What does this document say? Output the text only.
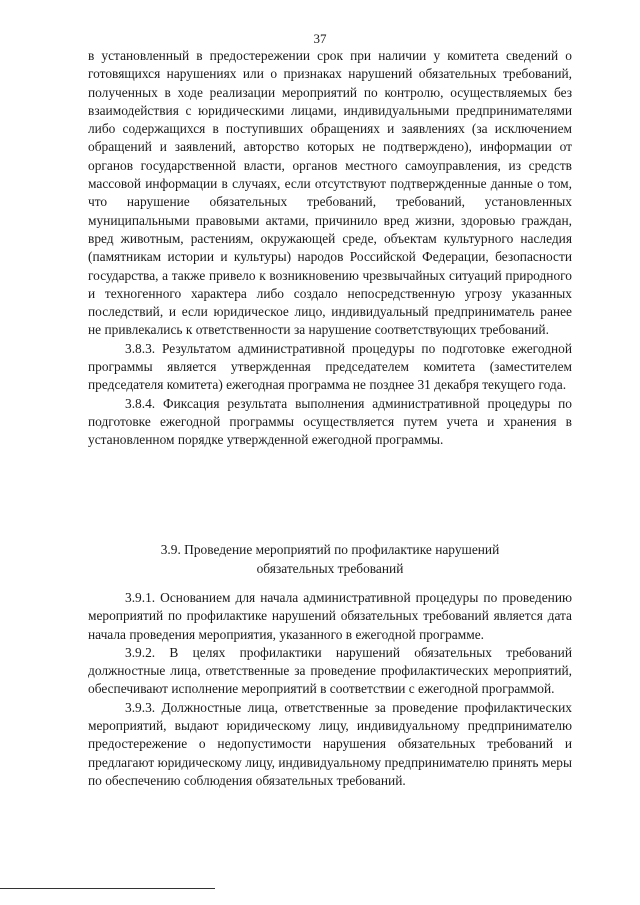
37

в установленный в предостережении срок при наличии у комитета сведений о готовящихся нарушениях или о признаках нарушений обязательных требований, полученных в ходе реализации мероприятий по контролю, осуществляемых без взаимодействия с юридическими лицами, индивидуальными предпринимателями либо содержащихся в поступивших обращениях и заявлениях (за исключением обращений и заявлений, авторство которых не подтверждено), информации от органов государственной власти, органов местного самоуправления, из средств массовой информации в случаях, если отсутствуют подтвержденные данные о том, что нарушение обязательных требований, требований, установленных муниципальными правовыми актами, причинило вред жизни, здоровью граждан, вред животным, растениям, окружающей среде, объектам культурного наследия (памятникам истории и культуры) народов Российской Федерации, безопасности государства, а также привело к возникновению чрезвычайных ситуаций природного и техногенного характера либо создало непосредственную угрозу указанных последствий, и если юридическое лицо, индивидуальный предприниматель ранее не привлекались к ответственности за нарушение соответствующих требований.

3.8.3. Результатом административной процедуры по подготовке ежегодной программы является утвержденная председателем комитета (заместителем председателя комитета) ежегодная программа не позднее 31 декабря текущего года.

3.8.4. Фиксация результата выполнения административной процедуры по подготовке ежегодной программы осуществляется путем учета и хранения в установленном порядке утвержденной ежегодной программы.

3.9. Проведение мероприятий по профилактике нарушений
обязательных требований

3.9.1. Основанием для начала административной процедуры по проведению мероприятий по профилактике нарушений обязательных требований является дата начала проведения мероприятия, указанного в ежегодной программе.

3.9.2. В целях профилактики нарушений обязательных требований должностные лица, ответственные за проведение профилактических мероприятий, обеспечивают исполнение мероприятий в соответствии с ежегодной программой.

3.9.3. Должностные лица, ответственные за проведение профилактических мероприятий, выдают юридическому лицу, индивидуальному предпринимателю предостережение о недопустимости нарушения обязательных требований и предлагают юридическому лицу, индивидуальному предпринимателю принять меры по обеспечению соблюдения обязательных требований.
